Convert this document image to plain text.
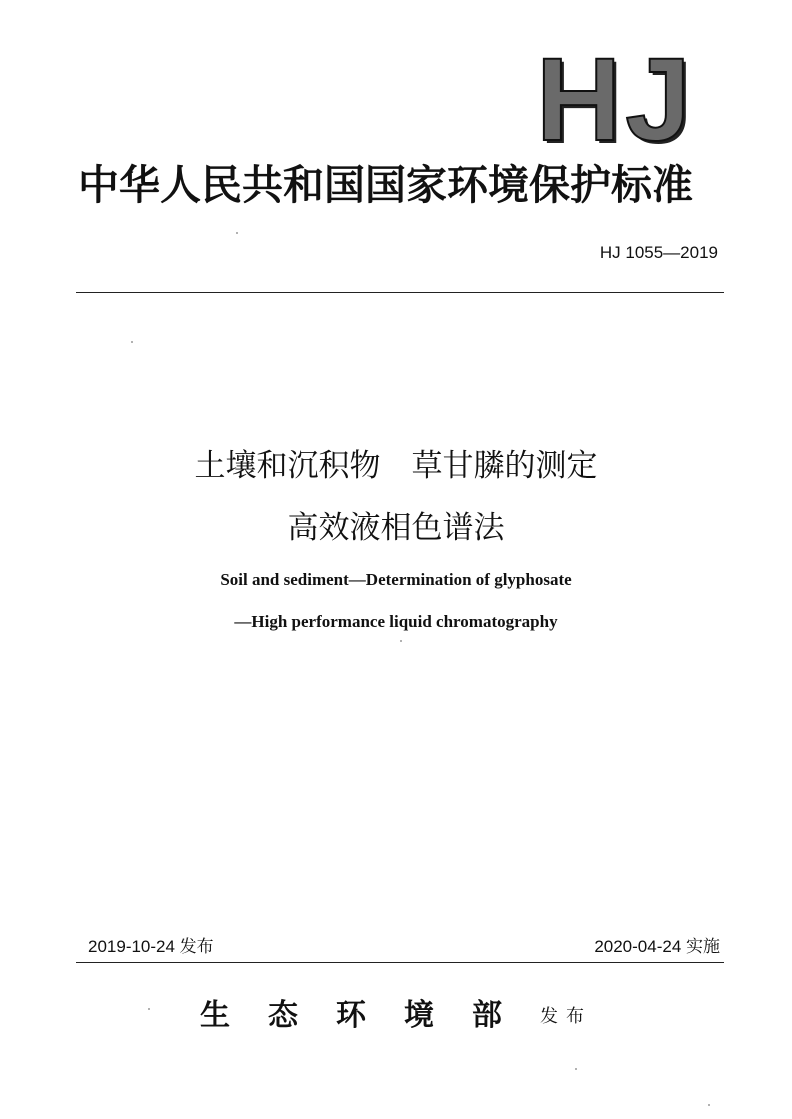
HJ
中华人民共和国国家环境保护标准
HJ 1055—2019
土壤和沉积物　草甘膦的测定
高效液相色谱法
Soil and sediment—Determination of glyphosate
—High performance liquid chromatography
2019-10-24 发布	2020-04-24 实施
生态环境部发布
